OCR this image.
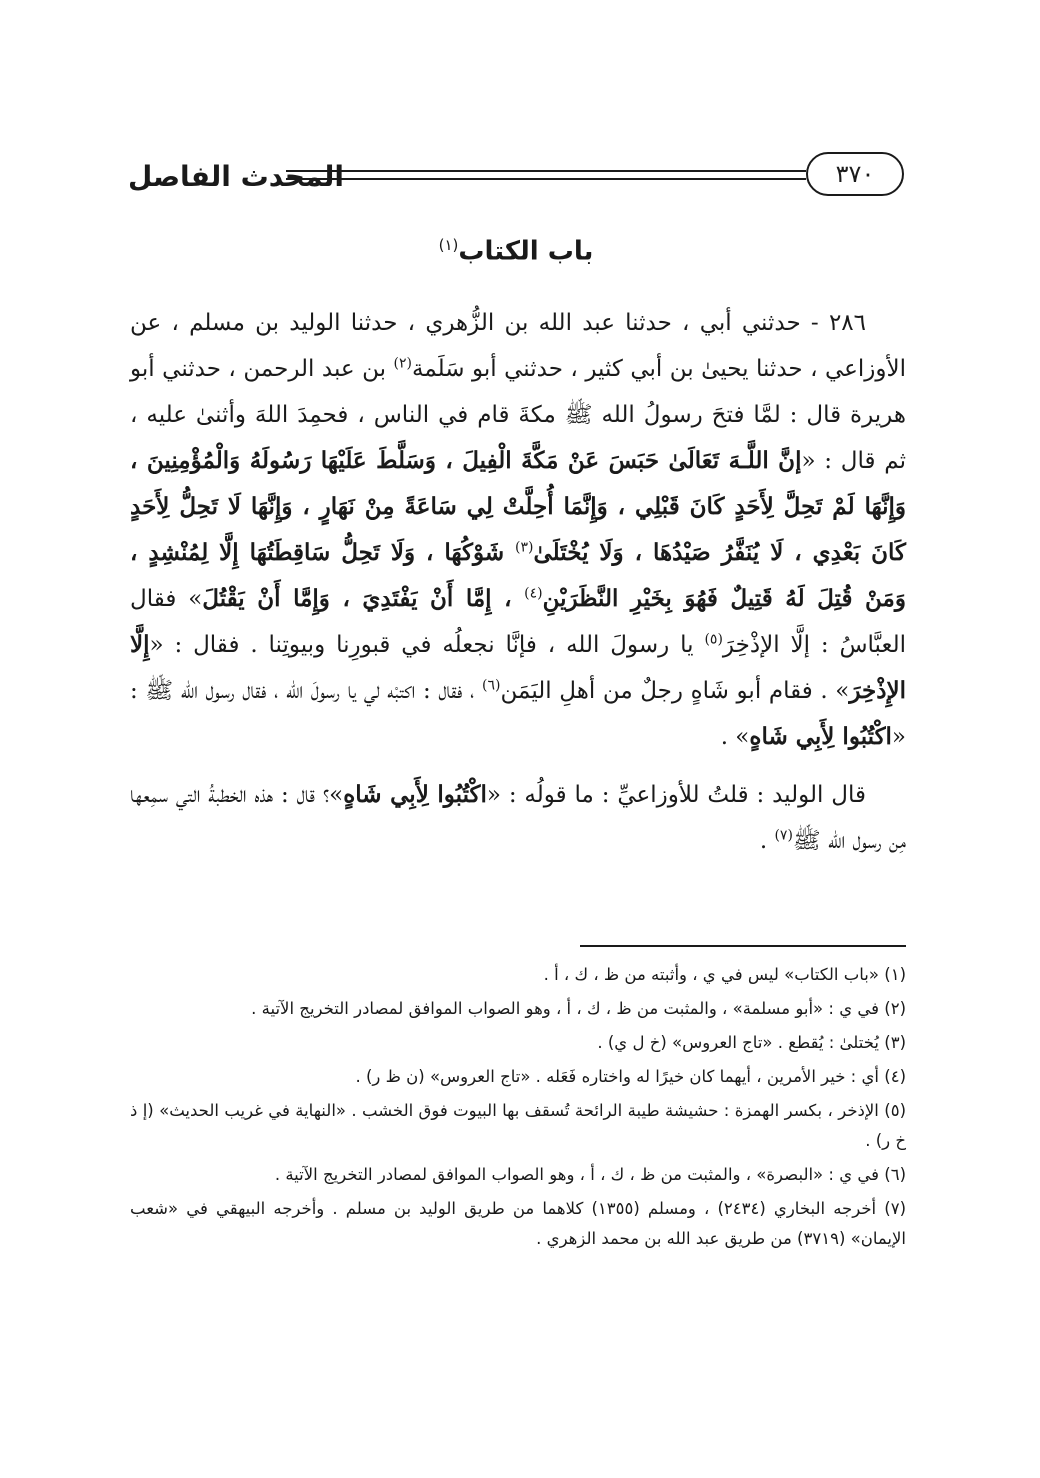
المحدث الفاصل	٣٧٠
باب الكتاب$^{(١)}$

٢٨٦ - حدثني أبي ، حدثنا عبد الله بن الزُّهري ، حدثنا الوليد بن مسلم ، عن الأوزاعي ، حدثنا يحيىٰ بن أبي كثير ، حدثني أبو سَلَمة$^{(٢)}$ بن عبد الرحمن ، حدثني أبو هريرة قال : لمَّا فتحَ رسولُ الله ﷺ مكةَ قام في الناس ، فحمِدَ اللهَ وأثنىٰ عليه ، ثم قال : «إنَّ اللَّـهَ تَعَالَىٰ حَبَسَ عَنْ مَكَّةَ الْفِيلَ ، وَسَلَّطَ عَلَيْهَا رَسُولَهُ وَالْمُؤْمِنِينَ ، وَإِنَّهَا لَمْ تَحِلَّ لِأَحَدٍ كَانَ قَبْلِي ، وَإِنَّمَا أُحِلَّتْ لِي سَاعَةً مِنْ نَهَارٍ ، وَإِنَّهَا لَا تَحِلُّ لِأَحَدٍ كَانَ بَعْدِي ، لَا يُنَفَّرُ صَيْدُهَا ، وَلَا يُخْتَلَىٰ$^{(٣)}$ شَوْكُهَا ، وَلَا تَحِلُّ سَاقِطَتُهَا إِلَّا لِمُنْشِدٍ ، وَمَنْ قُتِلَ لَهُ قَتِيلٌ فَهُوَ بِخَيْرِ النَّظَرَيْنِ$^{(٤)}$ ، إِمَّا أَنْ يَفْتَدِيَ ، وَإِمَّا أَنْ يَقْتُلَ» فقال العبَّاسُ : إلَّا الإذْخِرَ$^{(٥)}$ يا رسولَ الله ، فإنَّا نجعلُه في قبورِنا وبيوتِنا . فقال : «إِلَّا الإِذْخِرَ» . فقام أبو شَاهٍ رجلٌ من أهلِ اليَمَن$^{(٦)}$ ، فقال : اكتبْه لي يا رسولَ الله ، فقال رسول الله ﷺ : «اكْتُبُوا لِأَبِي شَاهٍ» .

قال الوليد : قلتُ للأوزاعيِّ : ما قولُه : «اكْتُبُوا لِأَبِي شَاهٍ»؟ قال : هذه الخطبةُ التي سمِعها مِن رسول الله ﷺ$^{(٧)}$ .

(١) «باب الكتاب» ليس في ي ، وأثبته من ظ ، ك ، أ .

(٢) في ي : «أبو مسلمة» ، والمثبت من ظ ، ك ، أ ، وهو الصواب الموافق لمصادر التخريج الآتية .

(٣) يُختلىٰ : يُقطع . «تاج العروس» (خ ل ي) .

(٤) أي : خير الأمرين ، أيهما كان خيرًا له واختاره فَعَله . «تاج العروس» (ن ظ ر) .

(٥) الإذخر ، بكسر الهمزة : حشيشة طيبة الرائحة تُسقف بها البيوت فوق الخشب . «النهاية في غريب الحديث» (إ ذ خ ر) .

(٦) في ي : «البصرة» ، والمثبت من ظ ، ك ، أ ، وهو الصواب الموافق لمصادر التخريج الآتية .

(٧) أخرجه البخاري (٢٤٣٤) ، ومسلم (١٣٥٥) كلاهما من طريق الوليد بن مسلم . وأخرجه البيهقي في «شعب الإيمان» (٣٧١٩) من طريق عبد الله بن محمد الزهري .
